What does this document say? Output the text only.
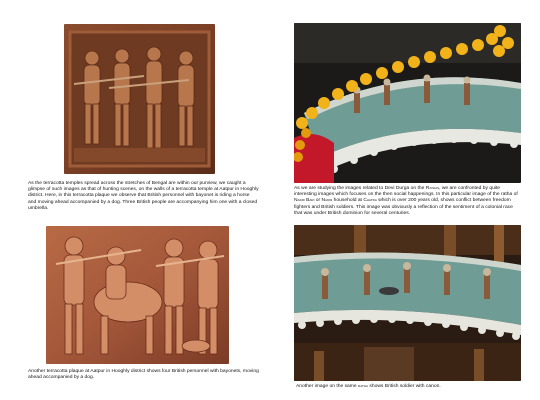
As the terracotta temples spread across the stretches of Bengal are within our purview, we caught a glimpse of such images as that of hunting scenes, on the walls of a terracotta temple at Aatpur in Hooghly district. Here, in this terracotta plaque we observe that British personnel with bayonet is riding a horse and moving ahead accompanied by a dog. Three British people are accompanying him one with a closed umbrella.

Another terracotta plaque at Aatpur in Hooghly district shows four British personnel with bayonets, moving ahead accompanied by a dog.

As we are studying the images related to Devi Durga on the Rathas, we are confronted by quite interesting images which focuses on the then social happenings. In this particular image of the ratha of Nadir Bari or Nadir household at Chatra which is over 200 years old, shows conflict between freedom fighters and British soldiers. This image was obviously a reflection of the sentiment of a colonial race that was under British dominion for several centuries.

Another image on the same ratha shows British soldier with canon.
